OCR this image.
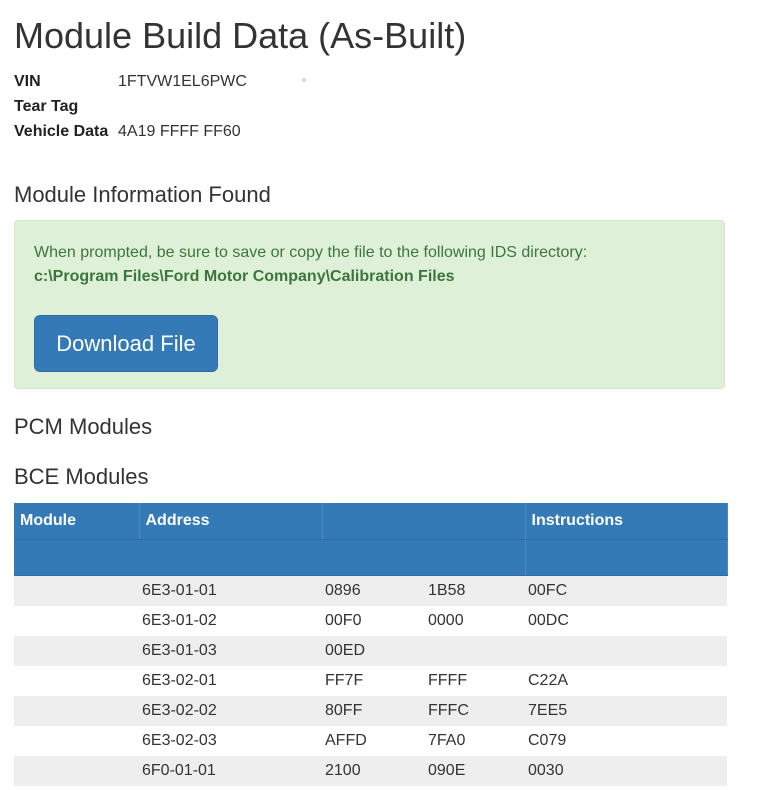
Module Build Data (As-Built)
VIN	1FTVW1EL6PWC
Tear Tag
Vehicle Data 4A19 FFFF FF60
Module Information Found
When prompted, be sure to save or copy the file to the following IDS directory:
c:\Program Files\Ford Motor Company\Calibration Files
Download File
PCM Modules
BCE Modules
Module	Address			Instructions

	6E3-01-01	0896	1B58	00FC
	6E3-01-02	00F0	0000	00DC
	6E3-01-03	00ED		
	6E3-02-01	FF7F	FFFF	C22A
	6E3-02-02	80FF	FFFC	7EE5
	6E3-02-03	AFFD	7FA0	C079
	6F0-01-01	2100	090E	0030
